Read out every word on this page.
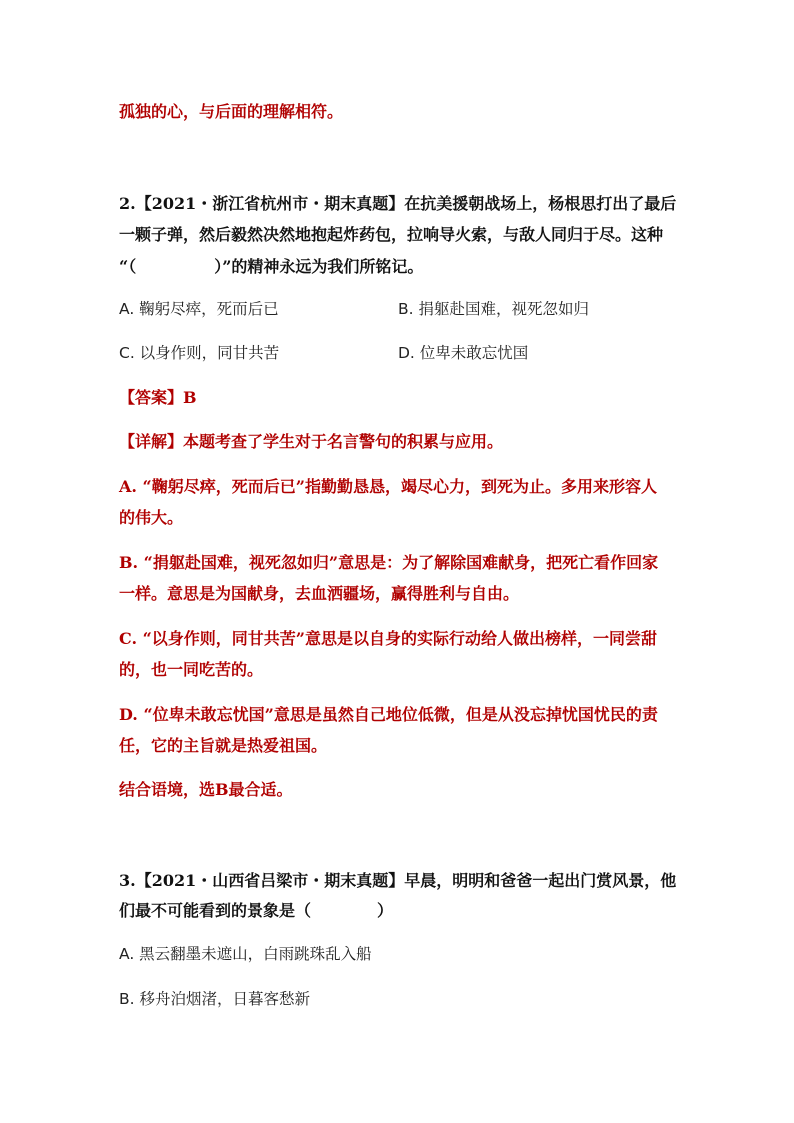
孤独的心，与后面的理解相符。
2.【2021・浙江省杭州市・期末真题】在抗美援朝战场上，杨根思打出了最后
一颗子弹，然后毅然决然地抱起炸药包，拉响导火索，与敌人同归于尽。这种
“（	）”的精神永远为我们所铭记。
A. 鞠躬尽瘁，死而后已	B. 捐躯赴国难，视死忽如归
C. 以身作则，同甘共苦	D. 位卑未敢忘忧国
【答案】B
【详解】本题考查了学生对于名言警句的积累与应用。
A. “鞠躬尽瘁，死而后已”指勤勤恳恳，竭尽心力，到死为止。多用来形容人
的伟大。
B. “捐躯赴国难，视死忽如归”意思是：为了解除国难献身，把死亡看作回家
一样。意思是为国献身，去血洒疆场，赢得胜利与自由。
C. “以身作则，同甘共苦”意思是以自身的实际行动给人做出榜样，一同尝甜
的，也一同吃苦的。
D. “位卑未敢忘忧国”意思是虽然自己地位低微，但是从没忘掉忧国忧民的责
任，它的主旨就是热爱祖国。
结合语境，选B最合适。
3.【2021・山西省吕梁市・期末真题】早晨，明明和爸爸一起出门赏风景，他
们最不可能看到的景象是（	）
A. 黑云翻墨未遮山，白雨跳珠乱入船
B. 移舟泊烟渚，日暮客愁新
